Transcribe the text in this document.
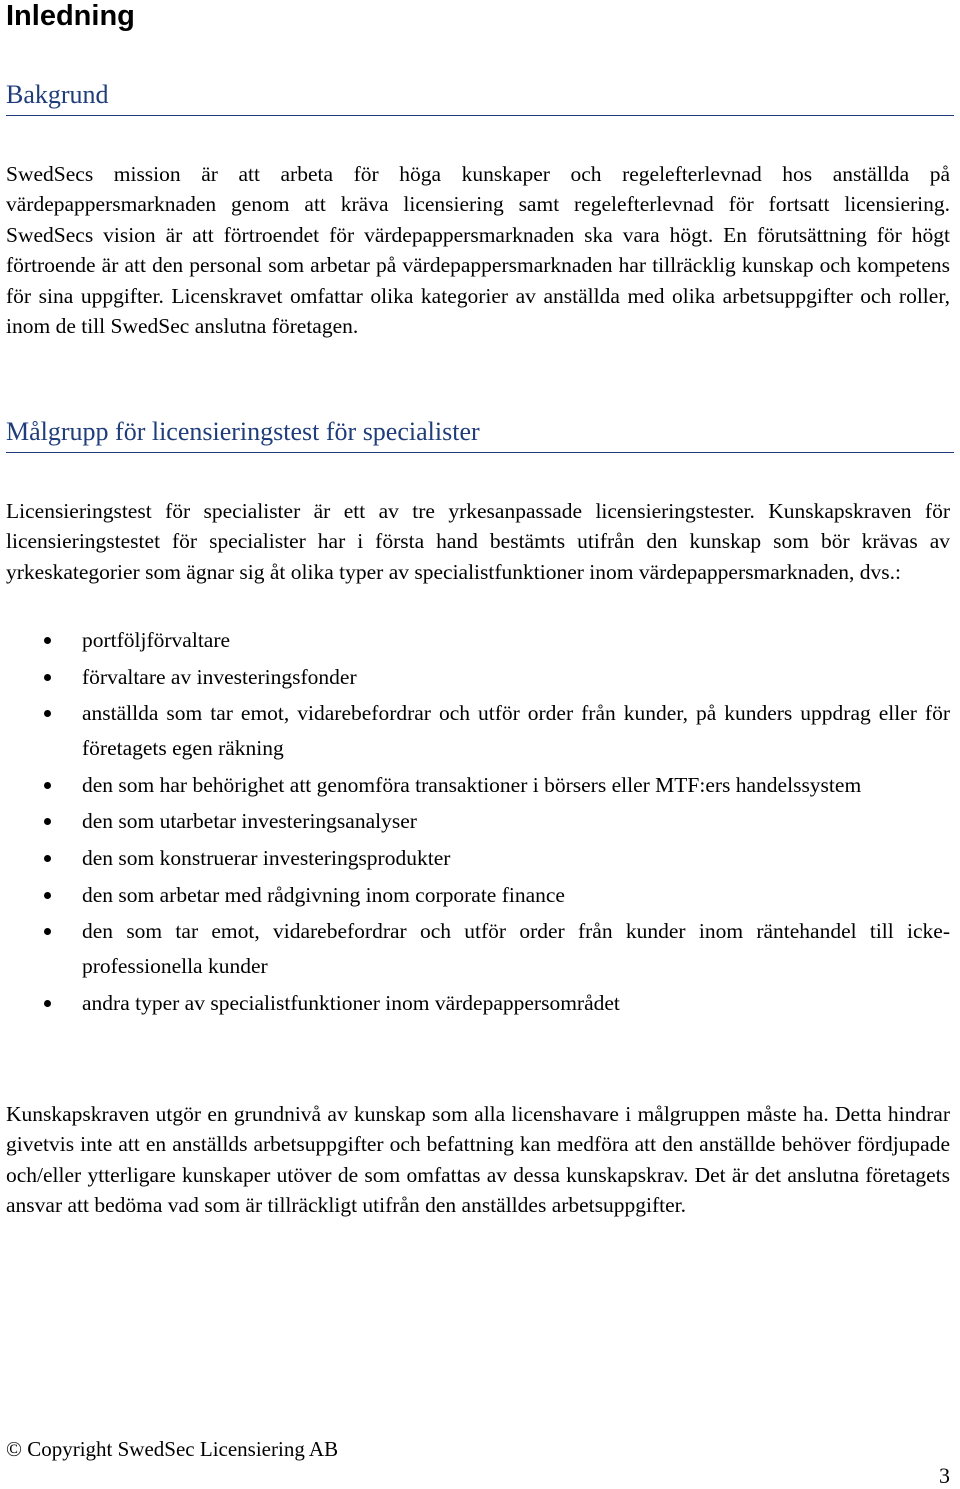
Inledning
Bakgrund

SwedSecs mission är att arbeta för höga kunskaper och regelefterlevnad hos anställda på värdepappersmarknaden genom att kräva licensiering samt regelefterlevnad för fortsatt licensiering. SwedSecs vision är att förtroendet för värdepappersmarknaden ska vara högt. En förutsättning för högt förtroende är att den personal som arbetar på värdepappersmarknaden har tillräcklig kunskap och kompetens för sina uppgifter. Licenskravet omfattar olika kategorier av anställda med olika arbetsuppgifter och roller, inom de till SwedSec anslutna företagen.

Målgrupp för licensieringstest för specialister

Licensieringstest för specialister är ett av tre yrkesanpassade licensieringstester. Kunskapskraven för licensieringstestet för specialister har i första hand bestämts utifrån den kunskap som bör krävas av yrkeskategorier som ägnar sig åt olika typer av specialistfunktioner inom värdepappersmarknaden, dvs.:

portföljförvaltare
förvaltare av investeringsfonder
anställda som tar emot, vidarebefordrar och utför order från kunder, på kunders uppdrag eller för företagets egen räkning
den som har behörighet att genomföra transaktioner i börsers eller MTF:ers handelssystem
den som utarbetar investeringsanalyser
den som konstruerar investeringsprodukter
den som arbetar med rådgivning inom corporate finance
den som tar emot, vidarebefordrar och utför order från kunder inom räntehandel till icke-professionella kunder
andra typer av specialistfunktioner inom värdepappersområdet

Kunskapskraven utgör en grundnivå av kunskap som alla licenshavare i målgruppen måste ha. Detta hindrar givetvis inte att en anställds arbetsuppgifter och befattning kan medföra att den anställde behöver fördjupade och/eller ytterligare kunskaper utöver de som omfattas av dessa kunskapskrav. Det är det anslutna företagets ansvar att bedöma vad som är tillräckligt utifrån den anställdes arbetsuppgifter.

© Copyright SwedSec Licensiering AB

3
